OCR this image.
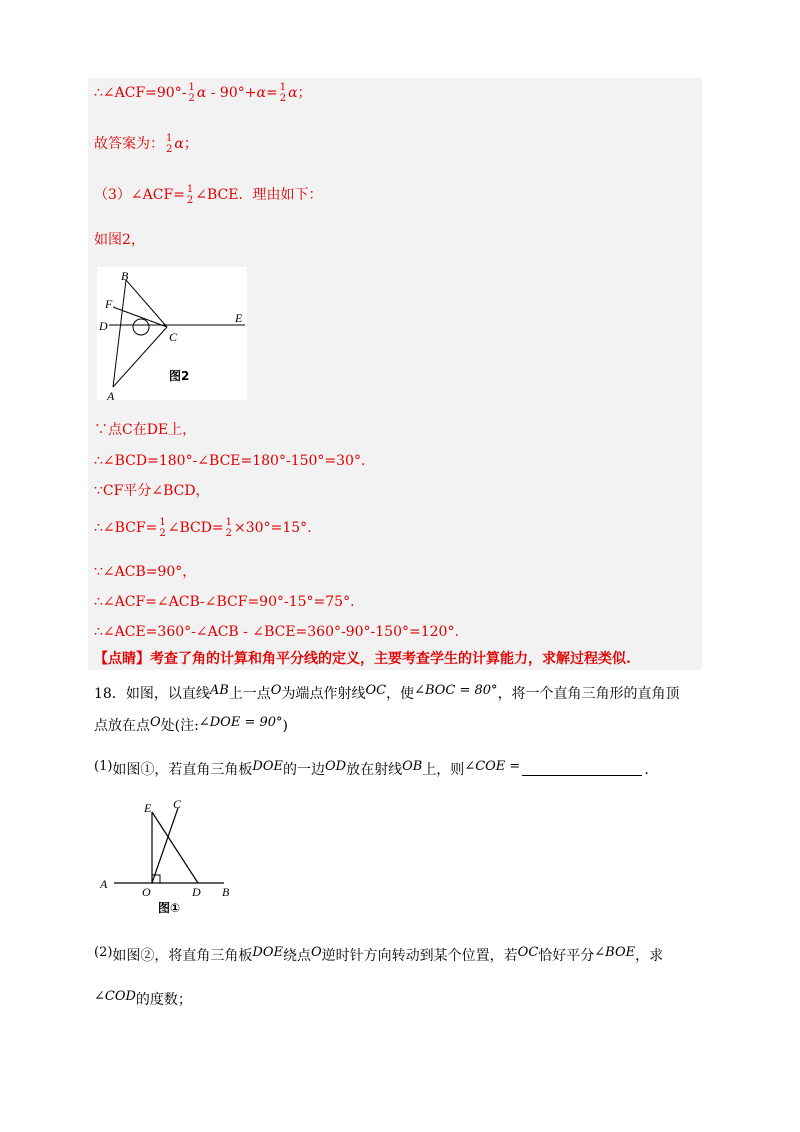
∴∠ACF=90°- 1
2 α - 90°+α= 1
2 α；
故答案为： 1
2 α；
（3）∠ACF= 1
2 ∠BCE．理由如下：
如图2，
B
F
D
C
E
A
图2
∵点C在DE上，
∴∠BCD=180°-∠BCE=180°-150°=30°.
∵CF平分∠BCD，
∴∠BCF= 1
2 ∠BCD= 1
2 ×30°=15°.
∵∠ACB=90°，
∴∠ACF=∠ACB-∠BCF=90°-15°=75°.
∴∠ACE=360°-∠ACB - ∠BCE=360°-90°-150°=120°.
【点睛】考查了角的计算和角平分线的定义，主要考查学生的计算能力，求解过程类似.
18．如图，以直线AB上一点O为端点作射线OC，使∠BOC = 80°，将一个直角三角形的直角顶
点放在点O处(注:∠DOE = 90°)
(1)如图①，若直角三角板DOE的一边OD放在射线OB上，则∠COE =	．
E C
A
O	D B
图①
(2)如图②，将直角三角板DOE绕点O逆时针方向转动到某个位置，若OC恰好平分∠BOE，求
∠COD的度数；
